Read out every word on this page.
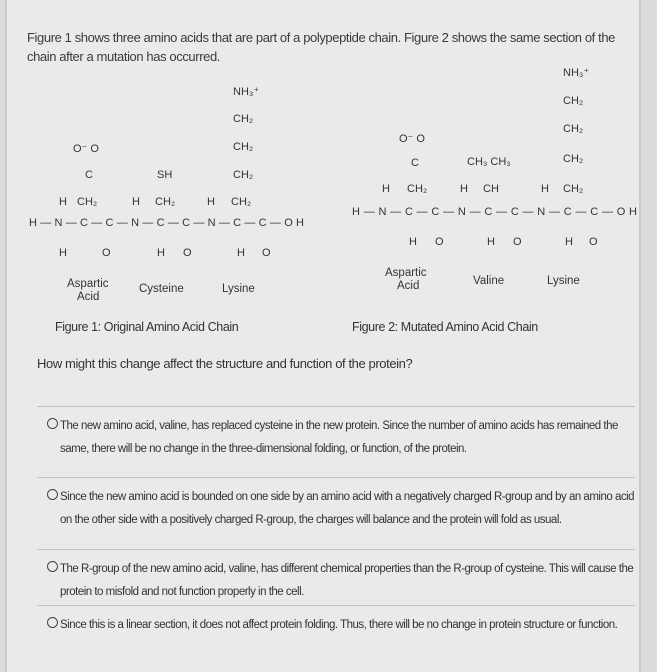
Figure 1 shows three amino acids that are part of a polypeptide chain. Figure 2 shows the same section of the chain after a mutation has occurred.
H—N—C—C—N—C—C—N—C—C—OH
H CH₂	H CH₂	H CH₂
H	O	H O	H O
C
O⁻ O
SH	CH₂
CH₂
CH₂
NH₃⁺
Aspartic
Acid
Cysteine	Lysine
H—N—C—C—N—C—C—N—C—C—OH
H CH₂	H CH	H CH₂
H O	H O	H O
C
O⁻ O
CH₃ CH₃	CH₂
CH₂
CH₂
NH₃⁺
Aspartic
Acid	Valine	Lysine
Figure 1: Original Amino Acid Chain	Figure 2: Mutated Amino Acid Chain
How might this change affect the structure and function of the protein?
The new amino acid, valine, has replaced cysteine in the new protein. Since the number of amino acids has remained the same, there will be no change in the three-dimensional folding, or function, of the protein.
Since the new amino acid is bounded on one side by an amino acid with a negatively charged R-group and by an amino acid on the other side with a positively charged R-group, the charges will balance and the protein will fold as usual.
The R-group of the new amino acid, valine, has different chemical properties than the R-group of cysteine. This will cause the protein to misfold and not function properly in the cell.
Since this is a linear section, it does not affect protein folding. Thus, there will be no change in protein structure or function.
